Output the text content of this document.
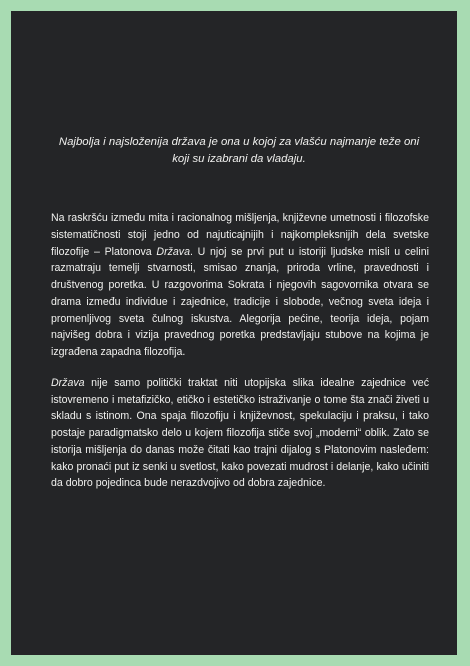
Najbolja i najsloženija država je ona u kojoj za vlašću najmanje teže oni koji su izabrani da vladaju.

Na raskršću između mita i racionalnog mišljenja, književne umetnosti i filozofske sistematičnosti stoji jedno od najuticajnijih i najkompleksnijih dela svetske filozofije – Platonova Država. U njoj se prvi put u istoriji ljudske misli u celini razmatraju temelji stvarnosti, smisao znanja, priroda vrline, pravednosti i društvenog poretka. U razgovorima Sokrata i njegovih sagovornika otvara se drama između individue i zajednice, tradicije i slobode, večnog sveta ideja i promenljivog sveta čulnog iskustva. Alegorija pećine, teorija ideja, pojam najvišeg dobra i vizija pravednog poretka predstavljaju stubove na kojima je izgrađena zapadna filozofija.

Država nije samo politički traktat niti utopijska slika idealne zajednice već istovremeno i metafizičko, etičko i estetičko istraživanje o tome šta znači živeti u skladu s istinom. Ona spaja filozofiju i književnost, spekulaciju i praksu, i tako postaje paradigmatsko delo u kojem filozofija stiče svoj „moderni“ oblik. Zato se istorija mišljenja do danas može čitati kao trajni dijalog s Platonovim nasleđem: kako pronaći put iz senki u svetlost, kako povezati mudrost i delanje, kako učiniti da dobro pojedinca bude nerazdvojivo od dobra zajednice.
